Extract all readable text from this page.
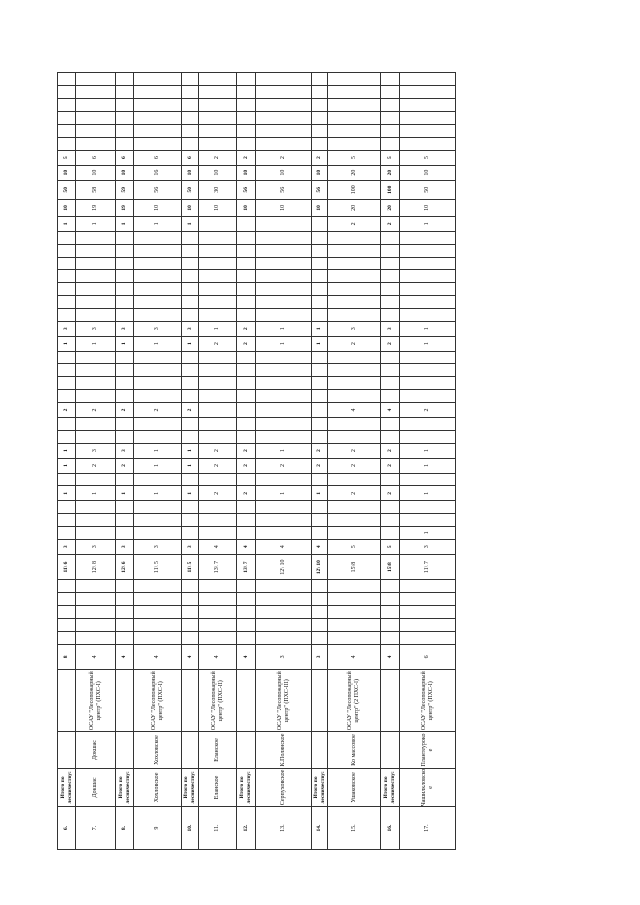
6.	Итого по лесничеству:			8						11\ 6	3				1		1	1			2					1	3								1	10	50	10	5						
7.	Докшас	Докшас	ОСАУ "Лесопожарный центр" (ПХС-I)	4						12\ 8	3				1		2	3			2					1	3								1	19	58	10	6						
8.	Итого по лесничеству:			4						12\ 6	3				1		2	3			2					1	3								1	19	59	10	6						
9	Хохловское	Хохловское	ОСАУ "Лесопожарный центр" (ПХС-I)	4						11\ 5	3				1		1	1			2					1	3								1	10	56	16	6						
10.	Итого по лесничеству:			4						11\ 5	3				1		1	1			2					1	3								1	10	50	10	6						
11.	Еланское	Еланское	ОСАУ "Лесопожарный центр" (ПХС-II)	4						13\ 7	4				2		2	2								2	1									10	30	10	2						
12.	Итого по лесничеству:			4						13\ 7	4				2		2	2								2	2									10	56	10	2						
13.	Серпуховское	К.Полянское	ОСАУ "Лесопожарный центр" (ПХС-III)	3						12\ 10	4				1		2	1								1	1									10	56	10	2						
14.	Итого по лесничеству:			3						12\ 10	4				1		2	2								1	1									10	56	10	2						
15.	Ушаковское	Ко массовое	ОСАУ "Лесопожарный центр" (2 ПХС-I)	4						15\8	5				2		2	2			4					2	3								2	20	100	20	5						
16.	Итого по лесничеству:			4						15\8	5				2		2	2			4					2	3								2	20	100	20	5						
17.	Чашилкловское	Плантеурокое	ОСАУ "Лесопожарный центр" (ПХС-I)	6						11\ 7	3	1			1		1	1			2					1	1								1	10	50	10	5						
